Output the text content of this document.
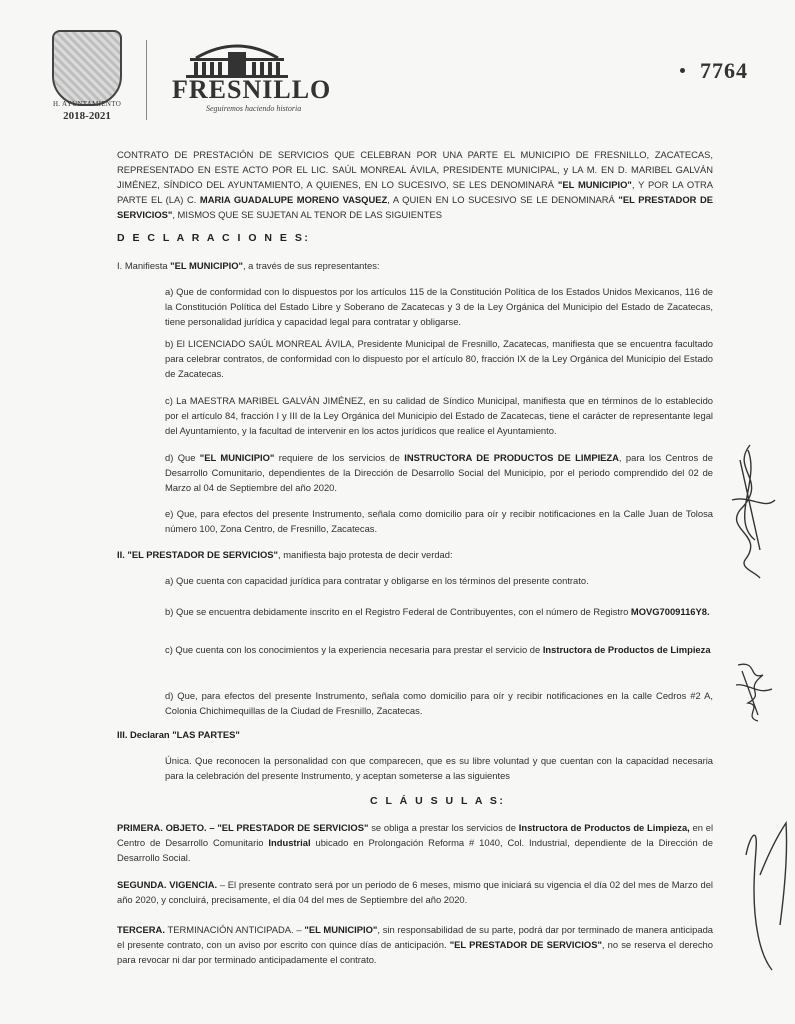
H. AYUNTAMIENTO
2018-2021
FRESNILLO
Seguiremos haciendo historia
7764
CONTRATO DE PRESTACIÓN DE SERVICIOS QUE CELEBRAN POR UNA PARTE EL MUNICIPIO DE FRESNILLO, ZACATECAS, REPRESENTADO EN ESTE ACTO POR EL LIC. SAÚL MONREAL ÁVILA, PRESIDENTE MUNICIPAL, y LA M. EN D. MARIBEL GALVÁN JIMÉNEZ, SÍNDICO DEL AYUNTAMIENTO, A QUIENES, EN LO SUCESIVO, SE LES DENOMINARÁ "EL MUNICIPIO", Y POR LA OTRA PARTE EL (LA) C. MARIA GUADALUPE MORENO VASQUEZ, A QUIEN EN LO SUCESIVO SE LE DENOMINARÁ "EL PRESTADOR DE SERVICIOS", MISMOS QUE SE SUJETAN AL TENOR DE LAS SIGUIENTES
D E C L A R A C I O N E S:
I. Manifiesta "EL MUNICIPIO", a través de sus representantes:
a) Que de conformidad con lo dispuestos por los artículos 115 de la Constitución Política de los Estados Unidos Mexicanos, 116 de la Constitución Política del Estado Libre y Soberano de Zacatecas y 3 de la Ley Orgánica del Municipio del Estado de Zacatecas, tiene personalidad jurídica y capacidad legal para contratar y obligarse.
b) El LICENCIADO SAÚL MONREAL ÁVILA, Presidente Municipal de Fresnillo, Zacatecas, manifiesta que se encuentra facultado para celebrar contratos, de conformidad con lo dispuesto por el artículo 80, fracción IX de la Ley Orgánica del Municipio del Estado de Zacatecas.
c) La MAESTRA MARIBEL GALVÁN JIMÉNEZ, en su calidad de Síndico Municipal, manifiesta que en términos de lo establecido por el artículo 84, fracción I y III de la Ley Orgánica del Municipio del Estado de Zacatecas, tiene el carácter de representante legal del Ayuntamiento, y la facultad de intervenir en los actos jurídicos que realice el Ayuntamiento.
d) Que "EL MUNICIPIO" requiere de los servicios de INSTRUCTORA DE PRODUCTOS DE LIMPIEZA, para los Centros de Desarrollo Comunitario, dependientes de la Dirección de Desarrollo Social del Municipio, por el periodo comprendido del 02 de Marzo al 04 de Septiembre del año 2020.
e) Que, para efectos del presente Instrumento, señala como domicilio para oír y recibir notificaciones en la Calle Juan de Tolosa número 100, Zona Centro, de Fresnillo, Zacatecas.
II. "EL PRESTADOR DE SERVICIOS", manifiesta bajo protesta de decir verdad:
a) Que cuenta con capacidad jurídica para contratar y obligarse en los términos del presente contrato.
b) Que se encuentra debidamente inscrito en el Registro Federal de Contribuyentes, con el número de Registro MOVG7009116Y8.
c) Que cuenta con los conocimientos y la experiencia necesaria para prestar el servicio de Instructora de Productos de Limpieza
d) Que, para efectos del presente Instrumento, señala como domicilio para oír y recibir notificaciones en la calle Cedros #2 A, Colonia Chichimequillas de la Ciudad de Fresnillo, Zacatecas.
III. Declaran "LAS PARTES"
Única. Que reconocen la personalidad con que comparecen, que es su libre voluntad y que cuentan con la capacidad necesaria para la celebración del presente Instrumento, y aceptan someterse a las siguientes
C L Á U S U L A S:
PRIMERA. OBJETO. – "EL PRESTADOR DE SERVICIOS" se obliga a prestar los servicios de Instructora de Productos de Limpieza, en el Centro de Desarrollo Comunitario Industrial ubicado en Prolongación Reforma # 1040, Col. Industrial, dependiente de la Dirección de Desarrollo Social.
SEGUNDA. VIGENCIA. – El presente contrato será por un periodo de 6 meses, mismo que iniciará su vigencia el día 02 del mes de Marzo del año 2020, y concluirá, precisamente, el día 04 del mes de Septiembre del año 2020.
TERCERA. TERMINACIÓN ANTICIPADA. – "EL MUNICIPIO", sin responsabilidad de su parte, podrá dar por terminado de manera anticipada el presente contrato, con un aviso por escrito con quince días de anticipación. "EL PRESTADOR DE SERVICIOS", no se reserva el derecho para revocar ni dar por terminado anticipadamente el contrato.
